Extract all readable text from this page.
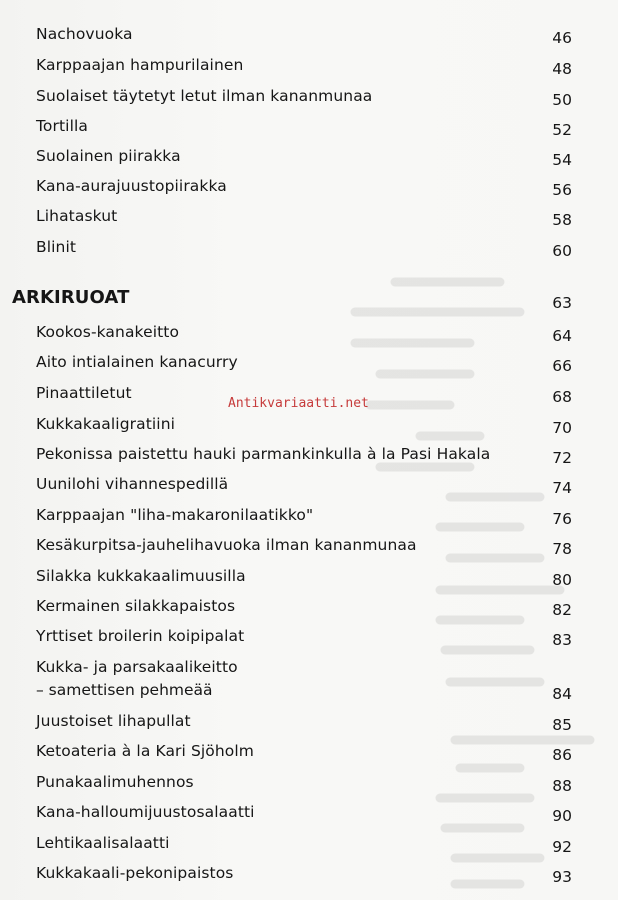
Antikvariaatti.net
Nachovuoka	46
Karppaajan hampurilainen	48
Suolaiset täytetyt letut ilman kananmunaa	50
Tortilla	52
Suolainen piirakka	54
Kana-aurajuustopiirakka	56
Lihataskut	58
Blinit	60
ARKIRUOAT	63
Kookos-kanakeitto	64
Aito intialainen kanacurry	66
Pinaattiletut	68
Kukkakaaligratiini	70
Pekonissa paistettu hauki parmankinkulla à la Pasi Hakala	72
Uunilohi vihannespedillä	74
Karppaajan "liha-makaronilaatikko"	76
Kesäkurpitsa-jauhelihavuoka ilman kananmunaa	78
Silakka kukkakaalimuusilla	80
Kermainen silakkapaistos	82
Yrttiset broilerin koipipalat	83
Kukka- ja parsakaalikeitto
– samettisen pehmeää	84
Juustoiset lihapullat	85
Ketoateria à la Kari Sjöholm	86
Punakaalimuhennos	88
Kana-halloumijuustosalaatti	90
Lehtikaalisalaatti	92
Kukkakaali-pekonipaistos	93
